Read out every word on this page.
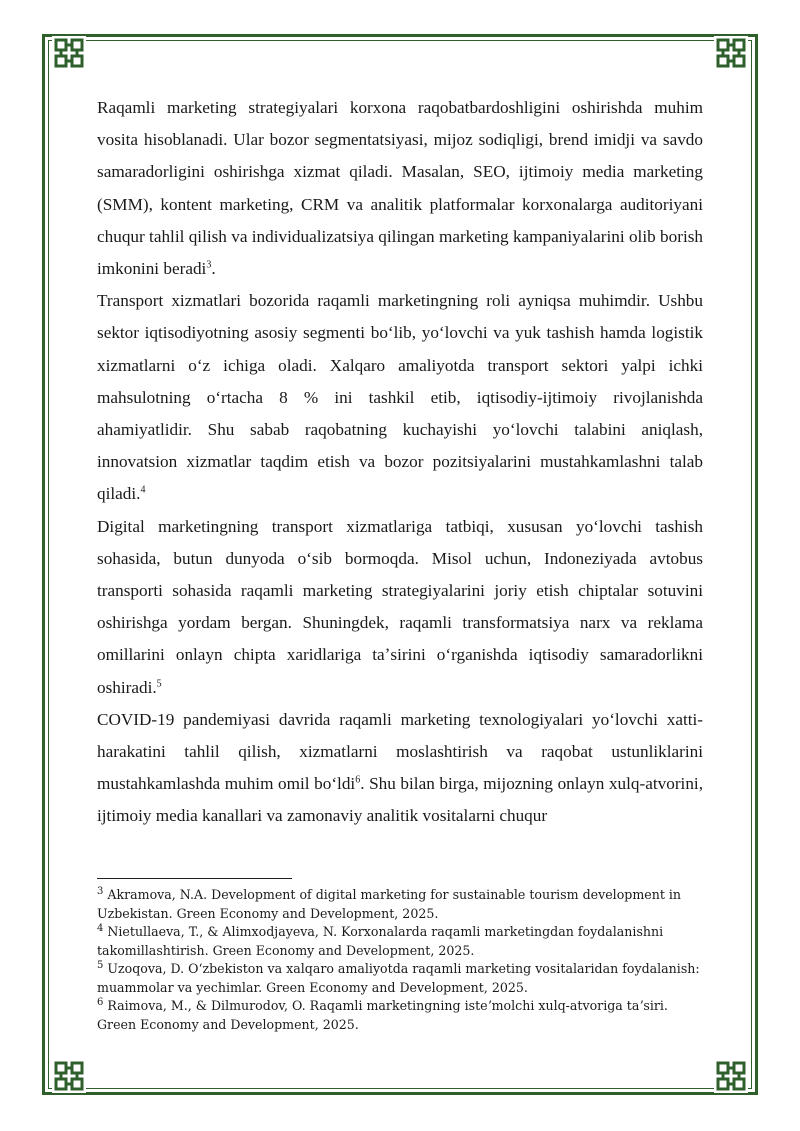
Raqamli marketing strategiyalari korxona raqobatbardoshligini oshirishda muhim vosita hisoblanadi. Ular bozor segmentatsiyasi, mijoz sodiqligi, brend imidji va savdo samaradorligini oshirishga xizmat qiladi. Masalan, SEO, ijtimoiy media marketing (SMM), kontent marketing, CRM va analitik platformalar korxonalarga auditoriyani chuqur tahlil qilish va individualizatsiya qilingan marketing kampaniyalarini olib borish imkonini beradi$^3$.

Transport xizmatlari bozorida raqamli marketingning roli ayniqsa muhimdir. Ushbu sektor iqtisodiyotning asosiy segmenti boʻlib, yoʻlovchi va yuk tashish hamda logistik xizmatlarni oʻz ichiga oladi. Xalqaro amaliyotda transport sektori yalpi ichki mahsulotning oʻrtacha 8 % ini tashkil etib, iqtisodiy-ijtimoiy rivojlanishda ahamiyatlidir. Shu sabab raqobatning kuchayishi yoʻlovchi talabini aniqlash, innovatsion xizmatlar taqdim etish va bozor pozitsiyalarini mustahkamlashni talab qiladi.$^4$

Digital marketingning transport xizmatlariga tatbiqi, xususan yoʻlovchi tashish sohasida, butun dunyoda oʻsib bormoqda. Misol uchun, Indoneziyada avtobus transporti sohasida raqamli marketing strategiyalarini joriy etish chiptalar sotuvini oshirishga yordam bergan. Shuningdek, raqamli transformatsiya narx va reklama omillarini onlayn chipta xaridlariga taʼsirini oʻrganishda iqtisodiy samaradorlikni oshiradi.$^5$

COVID-19 pandemiyasi davrida raqamli marketing texnologiyalari yoʻlovchi xatti-harakatini tahlil qilish, xizmatlarni moslashtirish va raqobat ustunliklarini mustahkamlashda muhim omil boʻldi$^6$. Shu bilan birga, mijozning onlayn xulq-atvorini, ijtimoiy media kanallari va zamonaviy analitik vositalarni chuqur

$^3$ Akramova, N.A. Development of digital marketing for sustainable tourism development in Uzbekistan. Green Economy and Development, 2025.

$^4$ Nietullaeva, T., & Alimxodjayeva, N. Korxonalarda raqamli marketingdan foydalanishni takomillashtirish. Green Economy and Development, 2025.

$^5$ Uzoqova, D. Oʻzbekiston va xalqaro amaliyotda raqamli marketing vositalaridan foydalanish: muammolar va yechimlar. Green Economy and Development, 2025.

$^6$ Raimova, M., & Dilmurodov, O. Raqamli marketingning isteʼmolchi xulq-atvoriga taʼsiri. Green Economy and Development, 2025.
